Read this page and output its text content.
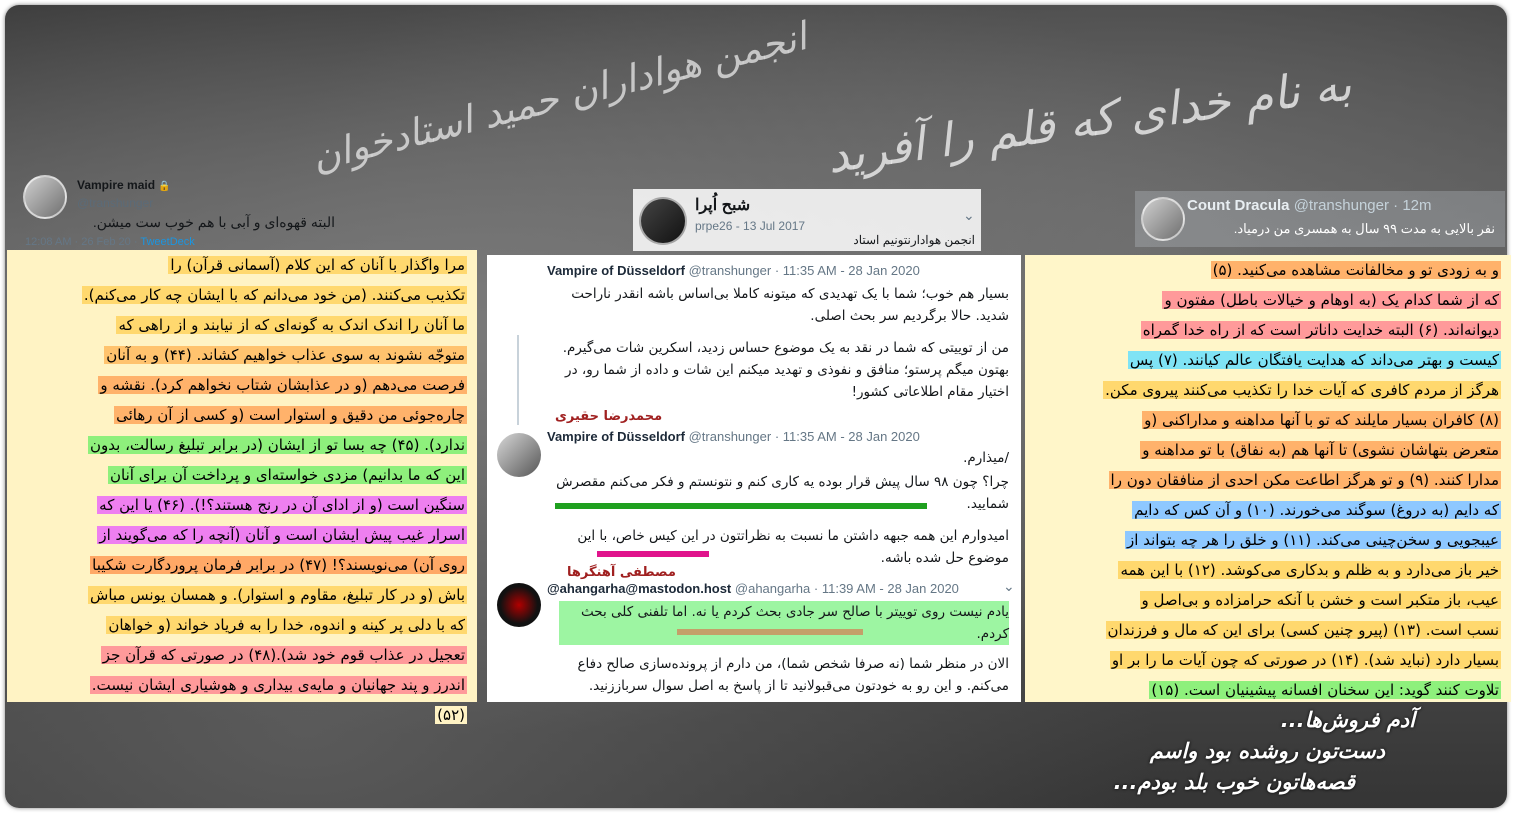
به نام خدای که قلم را آفرید
انجمن هواداران حمید استادخوان
Vampire maid 🔒
@transhunger
البته قهوه‌ای و آبی با هم خوب ست میشن.
12:08 AM · 26 Feb 20 · TweetDeck
شبح اُپرا
prpe26 - 13 Jul 2017
⌄
انجمن هوادارنتونیم استاد
Count Dracula @transhunger · 12m
نفر بالایی به مدت ۹۹ سال به همسری من درمیاد.
مرا واگذار با آنان که این کلام (آسمانی قرآن) را
تکذیب می‌کنند. (من خود می‌دانم که با ایشان چه کار می‌کنم).
ما آنان را اندک اندک به گونه‌ای که از نیابند و از راهی که
متوجّه نشوند به سوی عذاب خواهیم کشاند. (۴۴) و به آنان
فرصت می‌دهم (و در عذابشان شتاب نخواهم کرد). نقشه و
چاره‌جوئی من دقیق و استوار است (و کسی از آن رهائی
ندارد). (۴۵) چه بسا تو از ایشان (در برابر تبلیغ رسالت، بدون
این که ما بدانیم) مزدی خواسته‌ای و پرداخت آن برای آنان
سنگین است (و از ادای آن در رنج هستند؟!). (۴۶) یا این که
اسرار غیب پیش ایشان است و آنان (آنچه را که می‌گویند از
روی آن) می‌نویسند؟! (۴۷) در برابر فرمان پروردگارت شکیبا
باش (و در کار تبلیغ، مقاوم و استوار). و همسان یونس مباش
که با دلی پر کینه و اندوه، خدا را به فریاد خواند (و خواهان
تعجیل در عذاب قوم خود شد).(۴۸) در صورتی که قرآن جز
اندرز و پند جهانیان و مایه‌ی بیداری و هوشیاری ایشان نیست.
(۵۲)
Vampire of Düsseldorf @transhunger · 11:35 AM - 28 Jan 2020
بسیار هم خوب؛ شما با یک تهدیدی که میتونه کاملا بی‌اساس باشه انقدر ناراحت شدید. حالا برگردیم سر بحث اصلی.
من از توییتی که شما در نقد به یک موضوع حساس زدید، اسکرین شات می‌گیرم. بهتون میگم پرستو؛ منافق و نفوذی و تهدید میکنم این شات و داده از شما رو، در اختیار مقام اطلاعاتی کشور!
محمدرضا حقیری
Vampire of Düsseldorf @transhunger · 11:35 AM - 28 Jan 2020
/میذارم.
چرا؟ چون ۹۸ سال پیش قرار بوده یه کاری کنم و نتونستم و فکر می‌کنم مقصرش شمایید.
امیدوارم این همه جبهه داشتن ما نسبت به نظراتتون در این کیس خاص، با این موضوع حل شده باشه.
مصطفی آهنگرها
@ahangarha@mastodon.host @ahangarha · 11:39 AM - 28 Jan 2020	⌄
یادم نیست روی توییتر با صالح سر جادی بحث کردم یا نه. اما تلفنی کلی بحث کردم.
الان در منظر شما (نه صرفا شخص شما)، من دارم از پرونده‌سازی صالح دفاع می‌کنم. و این رو به خودتون می‌قبولانید تا از پاسخ به اصل سوال سرباززنید.
و به زودی تو و مخالفانت مشاهده می‌کنید. (۵)
که از شما کدام یک (به اوهام و خیالات باطل) مفتون و
دیوانه‌اند. (۶) البته خدایت داناتر است که از راه خدا گمراه
کیست و بهتر می‌داند که هدایت یافتگان عالم کیانند. (۷) پس
هرگز از مردم کافری که آیات خدا را تکذیب می‌کنند پیروی مکن.
(۸) کافران بسیار مایلند که تو با آنها مداهنه و مداراکنی (و
متعرض بتهاشان نشوی) تا آنها هم (به نفاق) با تو مداهنه و
مدارا کنند. (۹) و تو هرگز اطاعت مکن احدی از منافقان دون را
که دایم (به دروغ) سوگند می‌خورند. (۱۰) و آن کس که دایم
عیبجویی و سخن‌چینی می‌کند. (۱۱) و خلق را هر چه بتواند از
خیر باز می‌دارد و به ظلم و بدکاری می‌کوشد. (۱۲) با این همه
عیب، باز متکبر است و خشن با آنکه حرامزاده و بی‌اصل و
نسب است. (۱۳) (پیرو چنین کسی) برای این که مال و فرزندان
بسیار دارد (نباید شد). (۱۴) در صورتی که چون آیات ما را بر او
تلاوت کنند گوید: این سخنان افسانه پیشینیان است. (۱۵)
آدم فروش‌ها...
دست‌تون روشده بود واسم
قصه‌هاتون خوب بلد بودم...
